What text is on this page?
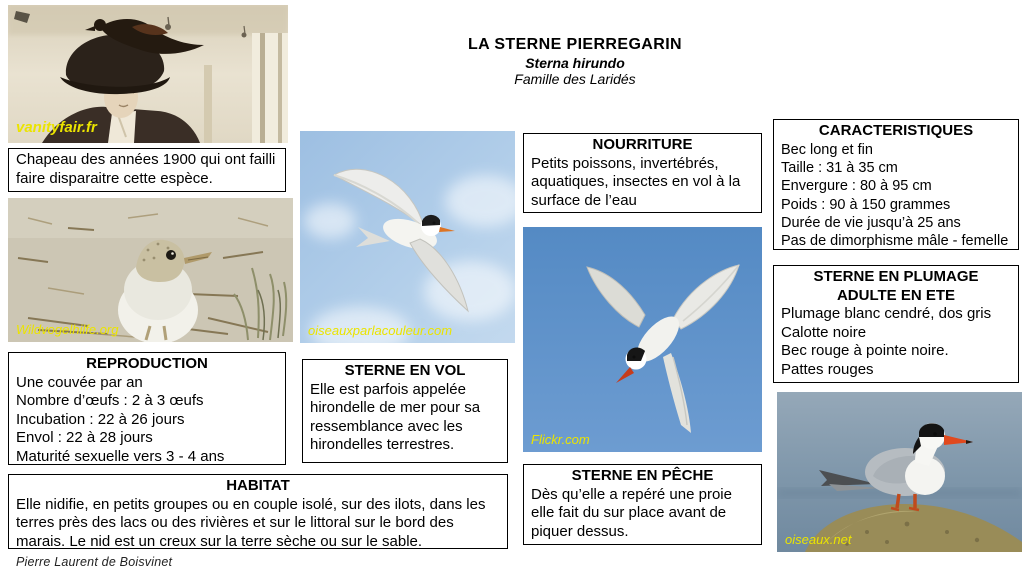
LA STERNE PIERREGARIN
Sterna hirundo
Famille des Laridés
vanityfair.fr
Chapeau des années 1900 qui ont failli faire disparaitre cette espèce.
Wildvogelhilfe.org
REPRODUCTION
Une couvée par an
Nombre d’œufs : 2 à 3 œufs
Incubation : 22 à 26 jours
Envol : 22 à 28 jours
Maturité sexuelle vers 3 - 4 ans
HABITAT
Elle nidifie, en petits groupes ou en couple isolé, sur des ilots, dans les terres près des lacs ou des rivières et sur le littoral sur le bord des marais. Le nid est un creux sur la terre sèche ou sur le sable.
Pierre Laurent de Boisvinet
oiseauxparlacouleur.com
STERNE EN VOL
Elle est parfois appelée hirondelle de mer pour sa ressemblance avec les hirondelles terrestres.
NOURRITURE
Petits poissons, invertébrés, aquatiques, insectes en vol à la surface de l’eau
Flickr.com
STERNE EN PÊCHE
Dès qu’elle a repéré une proie elle fait du sur place avant de piquer dessus.
CARACTERISTIQUES
Bec long et fin
Taille : 31 à 35 cm
Envergure : 80 à 95 cm
Poids : 90 à 150 grammes
Durée de vie jusqu’à 25 ans
Pas de dimorphisme mâle - femelle
STERNE EN PLUMAGE ADULTE EN ETE
Plumage blanc cendré, dos gris
Calotte noire
Bec rouge à pointe noire.
Pattes rouges
oiseaux.net
